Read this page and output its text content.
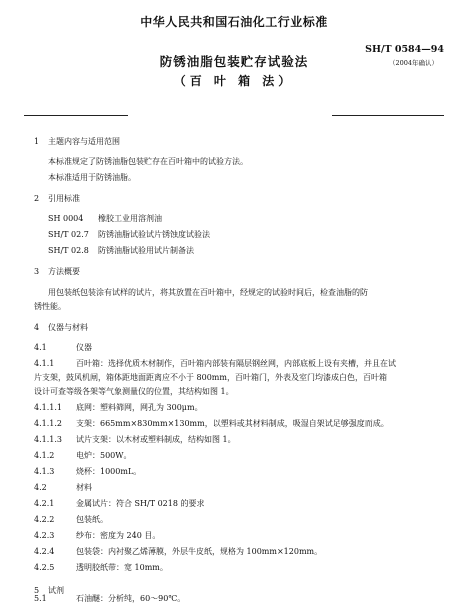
中华人民共和国石油化工行业标准
SH/T 0584—94
（2004年确认）
防锈油脂包装贮存试验法
（百 叶 箱 法）
1 主题内容与适用范围
本标准规定了防锈油脂包装贮存在百叶箱中的试验方法。
本标准适用于防锈油脂。
2 引用标准
SH 0004 橡胶工业用溶剂油
SH/T 02.7 防锈油脂试验试片锈蚀度试验法
SH/T 02.8 防锈油脂试验用试片制备法
3 方法概要
用包装纸包装涂有试样的试片，将其放置在百叶箱中，经规定的试验时间后，检查油脂的防
锈性能。
4 仪器与材料
4.1	仪器
4.1.1	百叶箱：选择优质木材制作，百叶箱内部装有隔层钢丝网，内部底板上设有夹槽，并且在试
片支架，鼓风机闸，箱体距地面距离应不小于 800mm，百叶箱门，外表及室门均漆成白色，百叶箱
设计可查等级各架等气象测量仪的位置，其结构如图 1。
4.1.1.1 底网：塑料筛网，网孔为 300μm。
4.1.1.2 支架：665mm×830mm×130mm，以塑料或其材料制成，吸湿自架试足够强度而成。
4.1.1.3 试片支架：以木材或塑料制成，结构如图 1。
4.1.2	电炉：500W。
4.1.3	烧杯：1000mL。
4.2	材料
4.2.1	金属试片：符合 SH/T 0218 的要求
4.2.2	包装纸。
4.2.3	纱布：密度为 240 目。
4.2.4	包装袋：内衬聚乙烯薄膜，外层牛皮纸，规格为 100mm×120mm。
4.2.5	透明胶纸带：宽 10mm。
5 试剂
5.1	石油醚：分析纯，60～90℃。
